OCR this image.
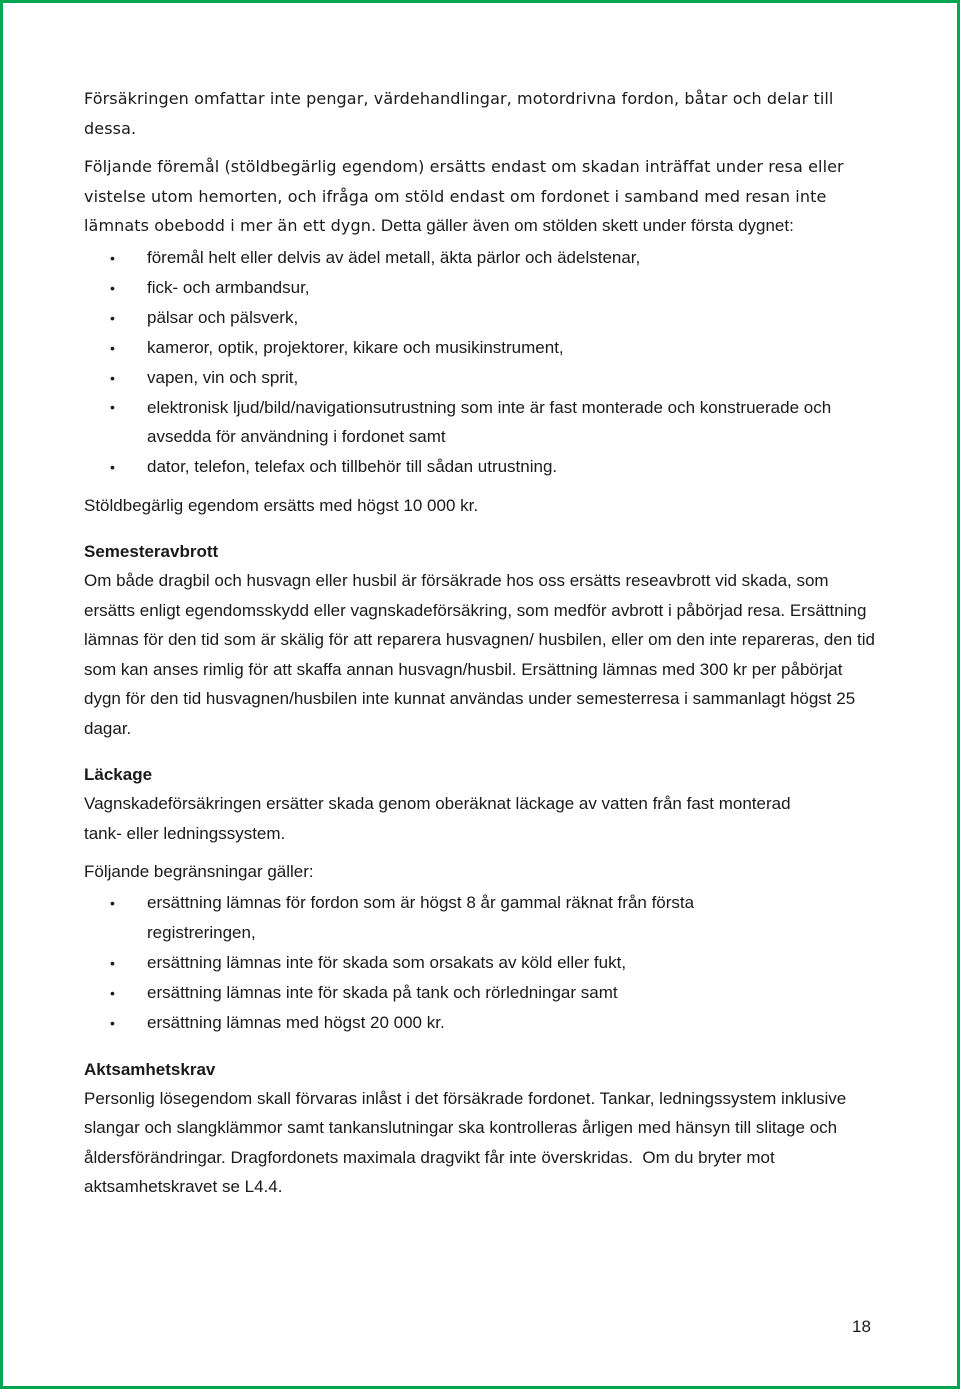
Försäkringen omfattar inte pengar, värdehandlingar, motordrivna fordon, båtar och delar till dessa.

Följande föremål (stöldbegärlig egendom) ersätts endast om skadan inträffat under resa eller vistelse utom hemorten, och ifråga om stöld endast om fordonet i samband med resan inte lämnats obebodd i mer än ett dygn. Detta gäller även om stölden skett under första dygnet:

• föremål helt eller delvis av ädel metall, äkta pärlor och ädelstenar,
• fick- och armbandsur,
• pälsar och pälsverk,
• kameror, optik, projektorer, kikare och musikinstrument,
• vapen, vin och sprit,
• elektronisk ljud/bild/navigationsutrustning som inte är fast monterade och konstruerade och avsedda för användning i fordonet samt
• dator, telefon, telefax och tillbehör till sådan utrustning.

Stöldbegärlig egendom ersätts med högst 10 000 kr.

Semesteravbrott

Om både dragbil och husvagn eller husbil är försäkrade hos oss ersätts reseavbrott vid skada, som ersätts enligt egendomsskydd eller vagnskadeförsäkring, som medför avbrott i påbörjad resa. Ersättning lämnas för den tid som är skälig för att reparera husvagnen/ husbilen, eller om den inte repareras, den tid som kan anses rimlig för att skaffa annan husvagn/husbil. Ersättning lämnas med 300 kr per påbörjat dygn för den tid husvagnen/husbilen inte kunnat användas under semesterresa i sammanlagt högst 25 dagar.

Läckage

Vagnskadeförsäkringen ersätter skada genom oberäknat läckage av vatten från fast monterad tank- eller ledningssystem.

Följande begränsningar gäller:

• ersättning lämnas för fordon som är högst 8 år gammal räknat från första registreringen,
• ersättning lämnas inte för skada som orsakats av köld eller fukt,
• ersättning lämnas inte för skada på tank och rörledningar samt
• ersättning lämnas med högst 20 000 kr.
Aktsamhetskrav

Personlig lösegendom skall förvaras inlåst i det försäkrade fordonet. Tankar, ledningssystem inklusive slangar och slangklämmor samt tankanslutningar ska kontrolleras årligen med hänsyn till slitage och åldersförändringar. Dragfordonets maximala dragvikt får inte överskridas.  Om du bryter mot aktsamhetskravet se L4.4.

18
